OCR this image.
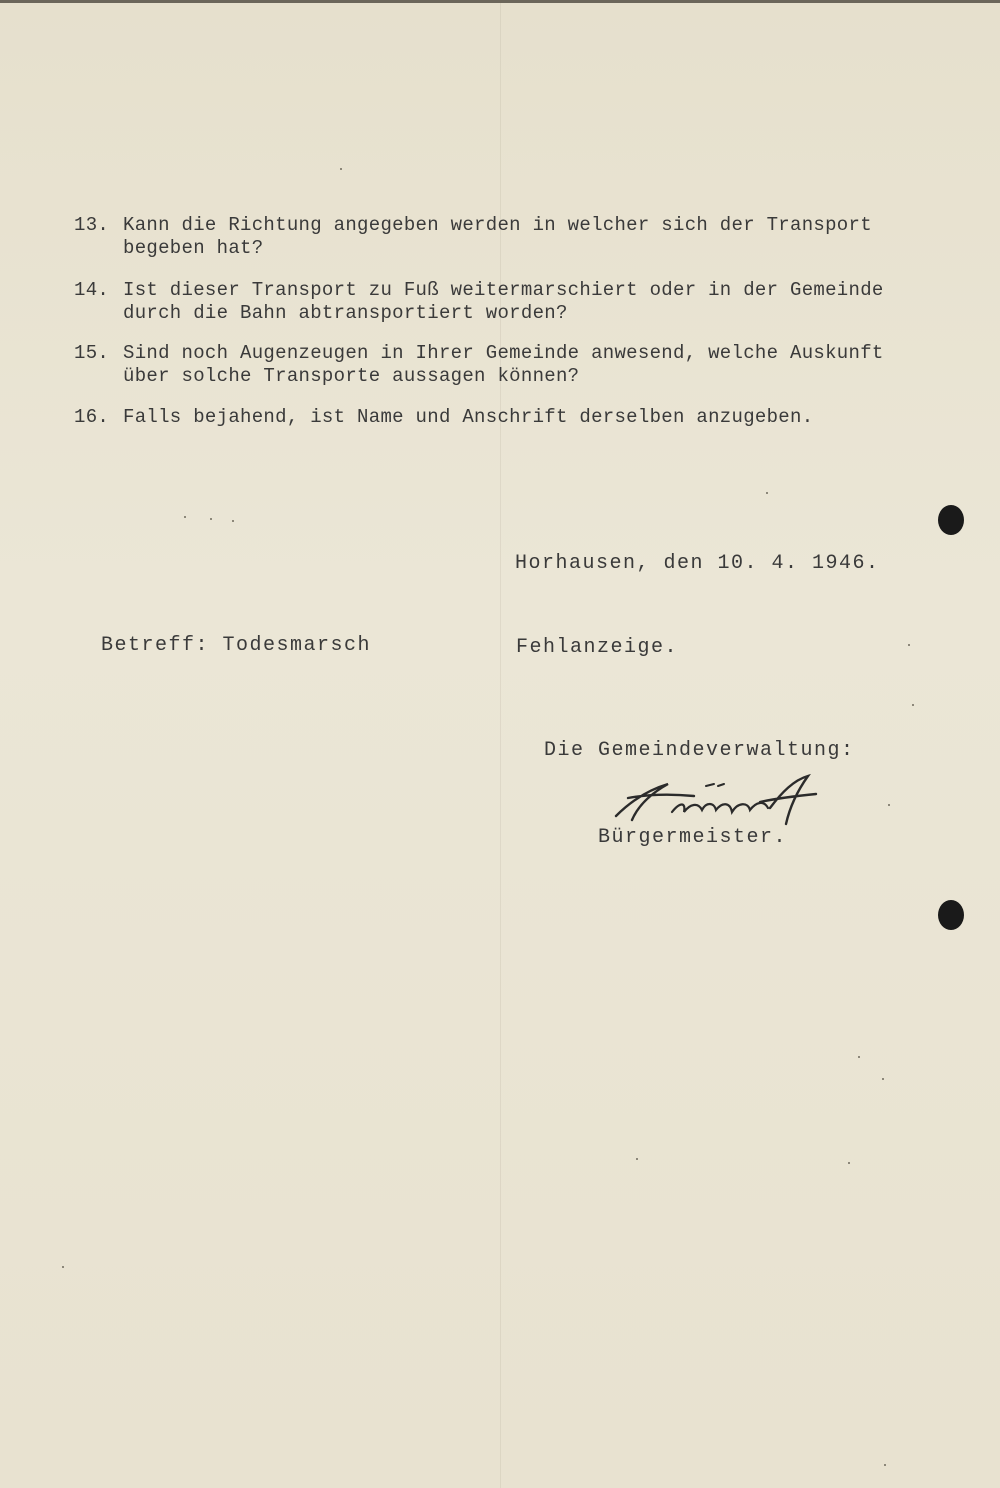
13. Kann die Richtung angegeben werden in welcher sich der Transport
begeben hat?
14. Ist dieser Transport zu Fuß weitermarschiert oder in der Gemeinde
durch die Bahn abtransportiert worden?
15. Sind noch Augenzeugen in Ihrer Gemeinde anwesend, welche Auskunft
über solche Transporte aussagen können?
16. Falls bejahend, ist Name und Anschrift derselben anzugeben.
Horhausen, den 10. 4. 1946.
Betreff: Todesmarsch	Fehlanzeige.
Die Gemeindeverwaltung:
Bürgermeister.
